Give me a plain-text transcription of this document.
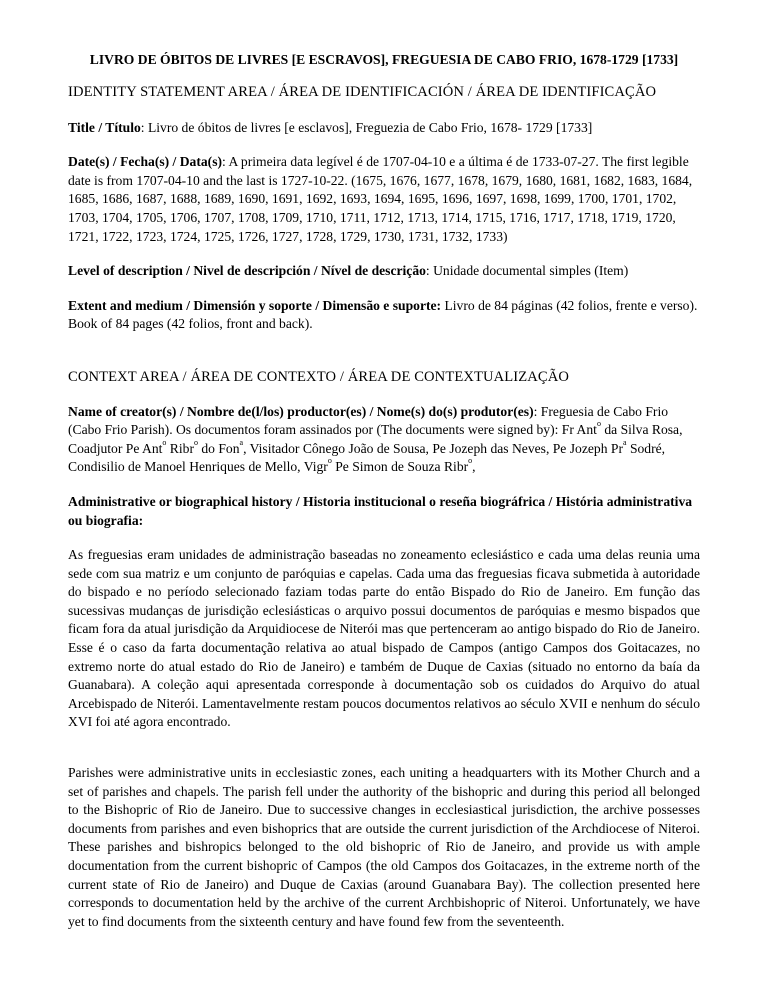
LIVRO DE ÓBITOS DE LIVRES [E ESCRAVOS], FREGUESIA DE CABO FRIO, 1678-1729 [1733]
IDENTITY STATEMENT AREA / ÁREA DE IDENTIFICACIÓN / ÁREA DE IDENTIFICAÇÃO
Title / Título: Livro de óbitos de livres [e esclavos], Freguezia de Cabo Frio, 1678- 1729 [1733]
Date(s) / Fecha(s) / Data(s): A primeira data legível é de 1707-04-10 e a última é de 1733-07-27. The first legible date is from 1707-04-10 and the last is 1727-10-22. (1675, 1676, 1677, 1678, 1679, 1680, 1681, 1682, 1683, 1684, 1685, 1686, 1687, 1688, 1689, 1690, 1691, 1692, 1693, 1694, 1695, 1696, 1697, 1698, 1699, 1700, 1701, 1702, 1703, 1704, 1705, 1706, 1707, 1708, 1709, 1710, 1711, 1712, 1713, 1714, 1715, 1716, 1717, 1718, 1719, 1720, 1721, 1722, 1723, 1724, 1725, 1726, 1727, 1728, 1729, 1730, 1731, 1732, 1733)
Level of description / Nivel de descripción / Nível de descrição: Unidade documental simples (Item)
Extent and medium / Dimensión y soporte / Dimensão e suporte: Livro de 84 páginas (42 folios, frente e verso). Book of 84 pages (42 folios, front and back).
CONTEXT AREA / ÁREA DE CONTEXTO / ÁREA DE CONTEXTUALIZAÇÃO
Name of creator(s) / Nombre de(l/los) productor(es) / Nome(s) do(s) produtor(es): Freguesia de Cabo Frio (Cabo Frio Parish). Os documentos foram assinados por (The documents were signed by): Fr Ant$^o$ da Silva Rosa, Coadjutor Pe Ant$^o$ Ribr$^o$ do Fon$^a$, Visitador Cônego João de Sousa, Pe Jozeph das Neves, Pe Jozeph Pr$^a$ Sodré, Condisilio de Manoel Henriques de Mello, Vigr$^o$ Pe Simon de Souza Ribr$^o$,
Administrative or biographical history / Historia institucional o reseña biográfrica / História administrativa ou biografia:

As freguesias eram unidades de administração baseadas no zoneamento eclesiástico e cada uma delas reunia uma sede com sua matriz e um conjunto de paróquias e capelas. Cada uma das freguesias ficava submetida à autoridade do bispado e no período selecionado faziam todas parte do então Bispado do Rio de Janeiro. Em função das sucessivas mudanças de jurisdição eclesiásticas o arquivo possui documentos de paróquias e mesmo bispados que ficam fora da atual jurisdição da Arquidiocese de Niterói mas que pertenceram ao antigo bispado do Rio de Janeiro. Esse é o caso da farta documentação relativa ao atual bispado de Campos (antigo Campos dos Goitacazes, no extremo norte do atual estado do Rio de Janeiro) e também de Duque de Caxias (situado no entorno da baía da Guanabara). A coleção aqui apresentada corresponde à documentação sob os cuidados do Arquivo do atual Arcebispado de Niterói. Lamentavelmente restam poucos documentos relativos ao século XVII e nenhum do século XVI foi até agora encontrado.

Parishes were administrative units in ecclesiastic zones, each uniting a headquarters with its Mother Church and a set of parishes and chapels. The parish fell under the authority of the bishopric and during this period all belonged to the Bishopric of Rio de Janeiro. Due to successive changes in ecclesiastical jurisdiction, the archive possesses documents from parishes and even bishoprics that are outside the current jurisdiction of the Archdiocese of Niteroi. These parishes and bishropics belonged to the old bishopric of Rio de Janeiro, and provide us with ample documentation from the current bishopric of Campos (the old Campos dos Goitacazes, in the extreme north of the current state of Rio de Janeiro) and Duque de Caxias (around Guanabara Bay). The collection presented here corresponds to documentation held by the archive of the current Archbishopric of Niteroi. Unfortunately, we have yet to find documents from the sixteenth century and have found few from the seventeenth.
